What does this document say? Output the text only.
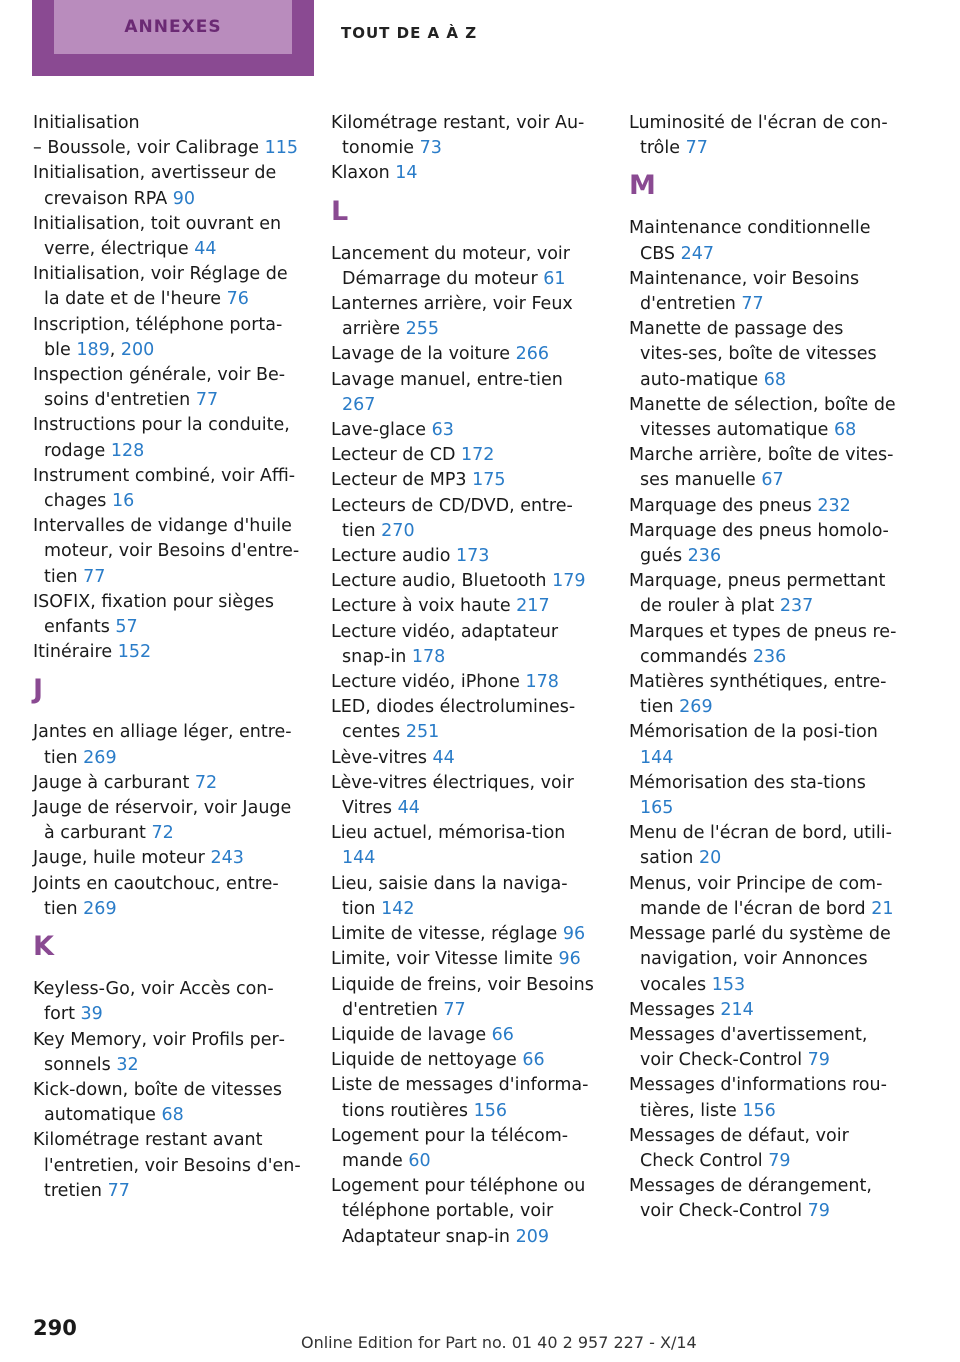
ANNEXES	TOUT DE A À Z
Initialisation
– Boussole, voir Calibrage 115
Initialisation, avertisseur de crevaison RPA 90
Initialisation, toit ouvrant en verre, électrique 44
Initialisation, voir Réglage de la date et de l'heure 76
Inscription, téléphone porta‐ble 189, 200
Inspection générale, voir Be‐soins d'entretien 77
Instructions pour la conduite, rodage 128
Instrument combiné, voir Affi‐chages 16
Intervalles de vidange d'huile moteur, voir Besoins d'entre‐tien 77
ISOFIX, fixation pour sièges enfants 57
Itinéraire 152
J
Jantes en alliage léger, entre‐tien 269
Jauge à carburant 72
Jauge de réservoir, voir Jauge à carburant 72
Jauge, huile moteur 243
Joints en caoutchouc, entre‐tien 269
K
Keyless-Go, voir Accès con‐fort 39
Key Memory, voir Profils per‐sonnels 32
Kick-down, boîte de vitesses automatique 68
Kilométrage restant avant l'entretien, voir Besoins d'en‐tretien 77
Kilométrage restant, voir Au‐tonomie 73
Klaxon 14
L
Lancement du moteur, voir Démarrage du moteur 61
Lanternes arrière, voir Feux arrière 255
Lavage de la voiture 266
Lavage manuel, entre‐tien 267
Lave-glace 63
Lecteur de CD 172
Lecteur de MP3 175
Lecteurs de CD/DVD, entre‐tien 270
Lecture audio 173
Lecture audio, Bluetooth 179
Lecture à voix haute 217
Lecture vidéo, adaptateur snap-in 178
Lecture vidéo, iPhone 178
LED, diodes électrolumines‐centes 251
Lève-vitres 44
Lève-vitres électriques, voir Vitres 44
Lieu actuel, mémorisa‐tion 144
Lieu, saisie dans la naviga‐tion 142
Limite de vitesse, réglage 96
Limite, voir Vitesse limite 96
Liquide de freins, voir Besoins d'entretien 77
Liquide de lavage 66
Liquide de nettoyage 66
Liste de messages d'informa‐tions routières 156
Logement pour la télécom‐mande 60
Logement pour téléphone ou téléphone portable, voir Adaptateur snap-in 209
Luminosité de l'écran de con‐trôle 77
M
Maintenance conditionnelle CBS 247
Maintenance, voir Besoins d'entretien 77
Manette de passage des vites‐ses, boîte de vitesses auto‐matique 68
Manette de sélection, boîte de vitesses automatique 68
Marche arrière, boîte de vites‐ses manuelle 67
Marquage des pneus 232
Marquage des pneus homolo‐gués 236
Marquage, pneus permettant de rouler à plat 237
Marques et types de pneus re‐commandés 236
Matières synthétiques, entre‐tien 269
Mémorisation de la posi‐tion 144
Mémorisation des sta‐tions 165
Menu de l'écran de bord, utili‐sation 20
Menus, voir Principe de com‐mande de l'écran de bord 21
Message parlé du système de navigation, voir Annonces vocales 153
Messages 214
Messages d'avertissement, voir Check-Control 79
Messages d'informations rou‐tières, liste 156
Messages de défaut, voir Check Control 79
Messages de dérangement, voir Check-Control 79
290
Online Edition for Part no. 01 40 2 957 227 - X/14
